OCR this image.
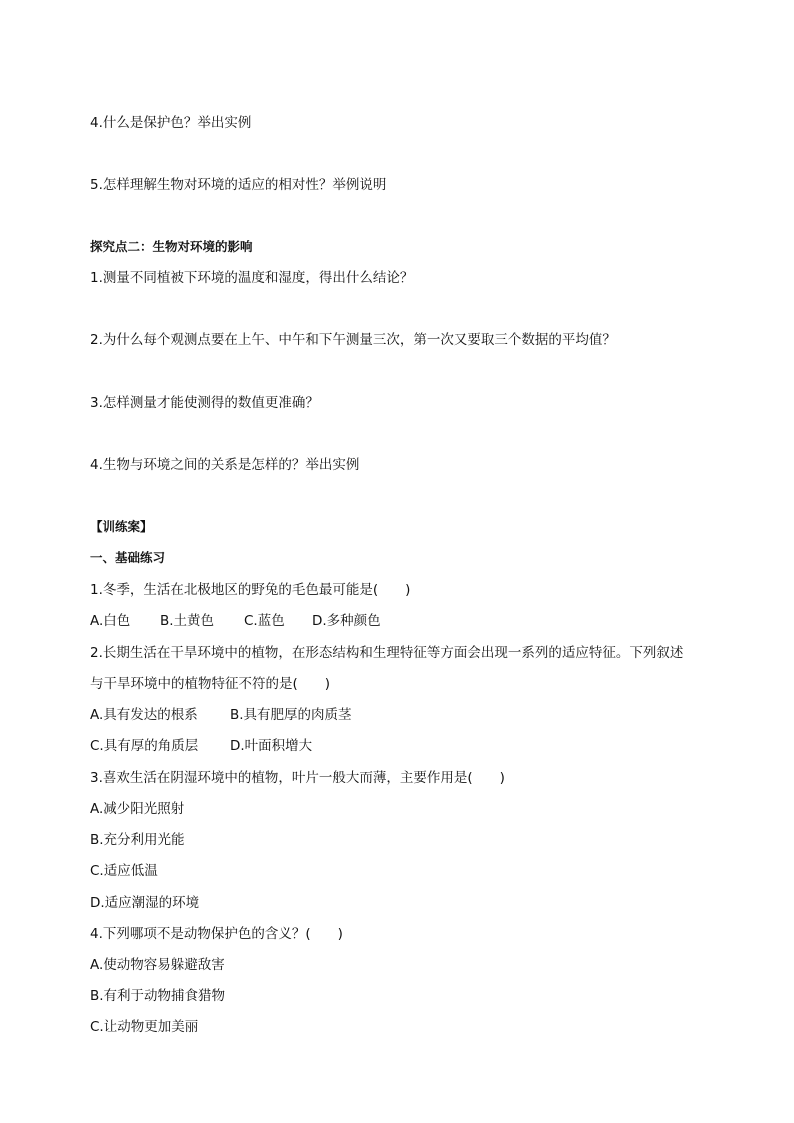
4.什么是保护色？举出实例
5.怎样理解生物对环境的适应的相对性？举例说明
探究点二：生物对环境的影响
1.测量不同植被下环境的温度和湿度，得出什么结论？
2.为什么每个观测点要在上午、中午和下午测量三次，第一次又要取三个数据的平均值？
3.怎样测量才能使测得的数值更准确？
4.生物与环境之间的关系是怎样的？举出实例
【训练案】
一、基础练习
1.冬季，生活在北极地区的野兔的毛色最可能是(　　)
A.白色 B.土黄色 C.蓝色 D.多种颜色
2.长期生活在干旱环境中的植物，在形态结构和生理特征等方面会出现一系列的适应特征。下列叙述
与干旱环境中的植物特征不符的是(　　)
A.具有发达的根系 B.具有肥厚的肉质茎
C.具有厚的角质层 D.叶面积增大
3.喜欢生活在阴湿环境中的植物，叶片一般大而薄，主要作用是(　　)
A.减少阳光照射
B.充分利用光能
C.适应低温
D.适应潮湿的环境
4.下列哪项不是动物保护色的含义？(　　)
A.使动物容易躲避敌害
B.有利于动物捕食猎物
C.让动物更加美丽
